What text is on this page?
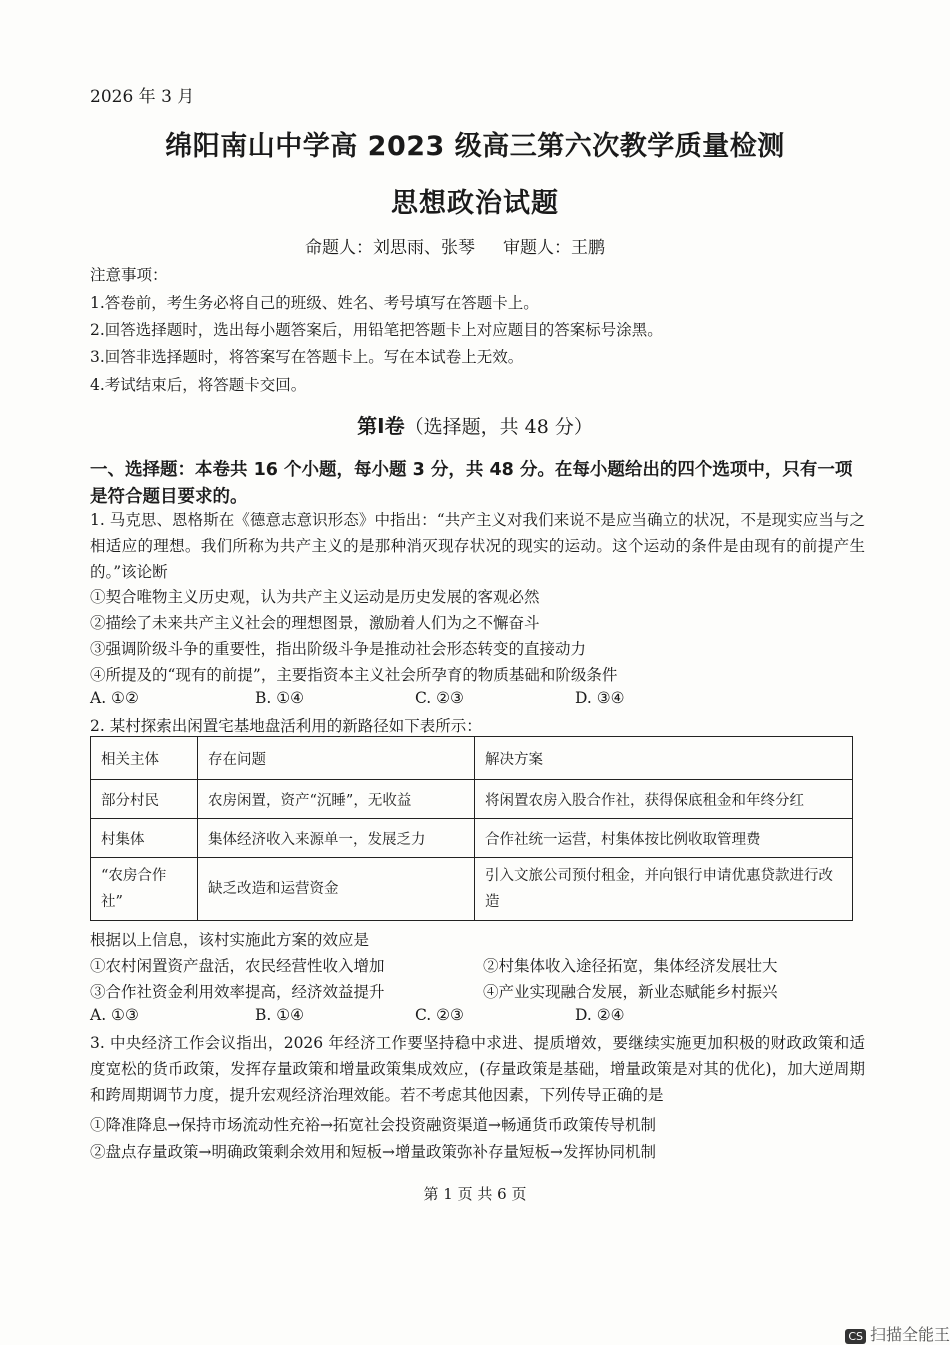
2026 年 3 月
绵阳南山中学高 2023 级高三第六次教学质量检测
思想政治试题
命题人：刘思雨、张琴 审题人：王鹏
注意事项：
1.答卷前，考生务必将自己的班级、姓名、考号填写在答题卡上。
2.回答选择题时，选出每小题答案后，用铅笔把答题卡上对应题目的答案标号涂黑。
3.回答非选择题时，将答案写在答题卡上。写在本试卷上无效。
4.考试结束后，将答题卡交回。
第Ⅰ卷（选择题，共 48 分）
一、选择题：本卷共 16 个小题，每小题 3 分，共 48 分。在每小题给出的四个选项中，只有一项是符合题目要求的。
1. 马克思、恩格斯在《德意志意识形态》中指出：“共产主义对我们来说不是应当确立的状况，不是现实应当与之相适应的理想。我们所称为共产主义的是那种消灭现存状况的现实的运动。这个运动的条件是由现有的前提产生的。”该论断
①契合唯物主义历史观，认为共产主义运动是历史发展的客观必然
②描绘了未来共产主义社会的理想图景，激励着人们为之不懈奋斗
③强调阶级斗争的重要性，指出阶级斗争是推动社会形态转变的直接动力
④所提及的“现有的前提”，主要指资本主义社会所孕育的物质基础和阶级条件
A. ①②	B. ①④	C. ②③	D. ③④
2. 某村探索出闲置宅基地盘活利用的新路径如下表所示：
相关主体	存在问题	解决方案
部分村民	农房闲置，资产“沉睡”，无收益	将闲置农房入股合作社，获得保底租金和年终分红
村集体	集体经济收入来源单一，发展乏力	合作社统一运营，村集体按比例收取管理费
“农房合作社”	缺乏改造和运营资金	引入文旅公司预付租金，并向银行申请优惠贷款进行改造
根据以上信息，该村实施此方案的效应是
①农村闲置资产盘活，农民经营性收入增加	②村集体收入途径拓宽，集体经济发展壮大
③合作社资金利用效率提高，经济效益提升	④产业实现融合发展，新业态赋能乡村振兴
A. ①③	B. ①④	C. ②③	D. ②④
3. 中央经济工作会议指出，2026 年经济工作要坚持稳中求进、提质增效，要继续实施更加积极的财政政策和适度宽松的货币政策，发挥存量政策和增量政策集成效应，(存量政策是基础，增量政策是对其的优化)，加大逆周期和跨周期调节力度，提升宏观经济治理效能。若不考虑其他因素，下列传导正确的是
①降准降息→保持市场流动性充裕→拓宽社会投资融资渠道→畅通货币政策传导机制
②盘点存量政策→明确政策剩余效用和短板→增量政策弥补存量短板→发挥协同机制
第 1 页 共 6 页
CS 扫描全能王
